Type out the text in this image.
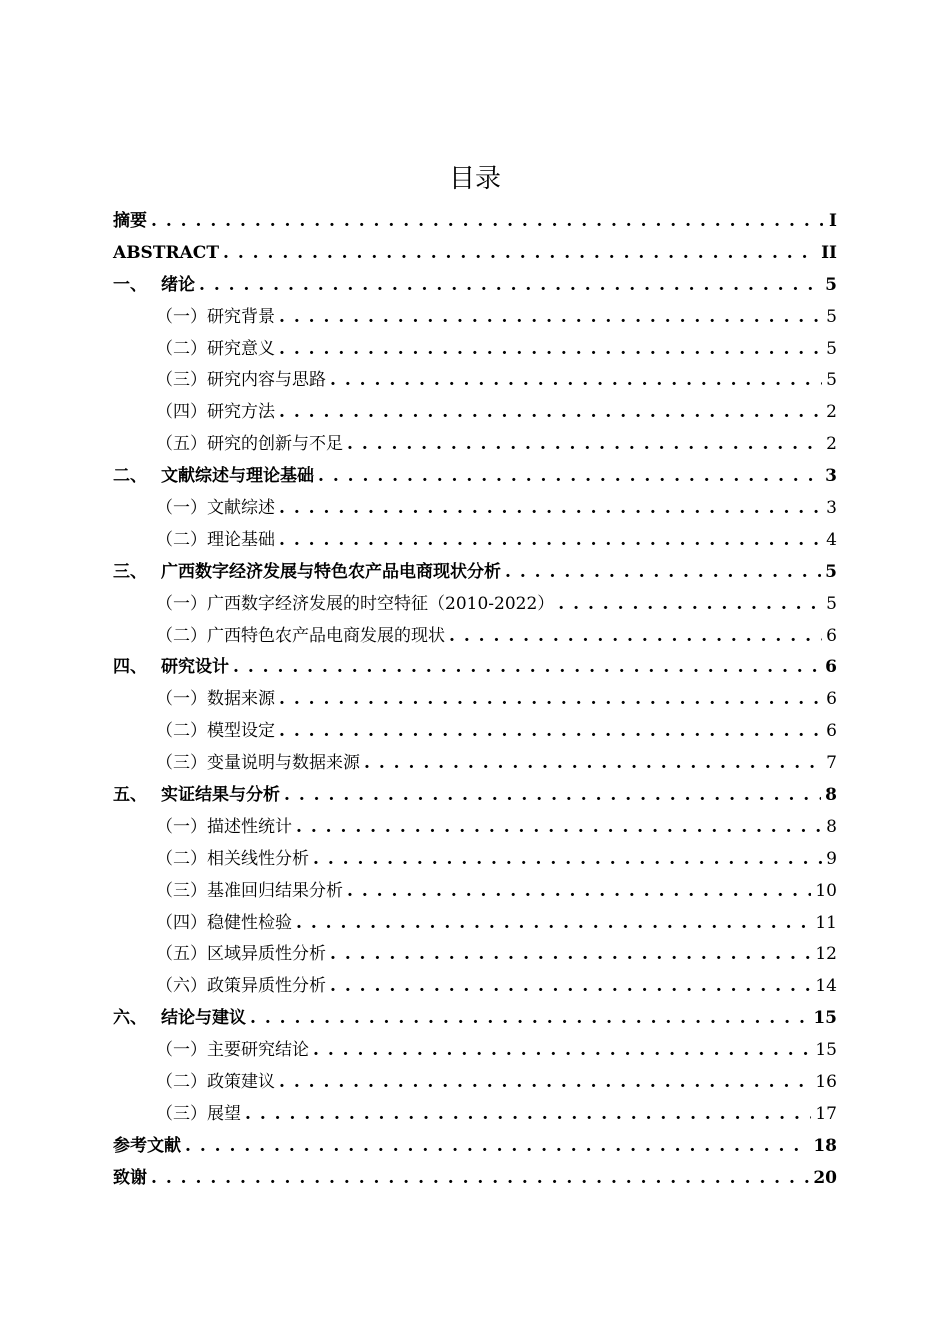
目录
摘要 . . .	I
ABSTRACT . . .	II
一、 绪论 . . .	5
（一） 研究背景 . . .	5
（二） 研究意义 . . .	5
（三） 研究内容与思路 . . .	5
（四） 研究方法 . . .	2
（五） 研究的创新与不足 . . .	2
二、 文献综述与理论基础 . . .	3
（一） 文献综述 . . .	3
（二） 理论基础 . . .	4
三、 广西数字经济发展与特色农产品电商现状分析 . . .	5
（一） 广西数字经济发展的时空特征（2010-2022） . . .	5
（二） 广西特色农产品电商发展的现状 . . .	6
四、 研究设计 . . .	6
（一） 数据来源 . . .	6
（二） 模型设定 . . .	6
（三） 变量说明与数据来源 . . .	7
五、 实证结果与分析 . . .	8
（一） 描述性统计 . . .	8
（二） 相关线性分析 . . .	9
（三） 基准回归结果分析 . . .	10
（四） 稳健性检验 . . .	11
（五） 区域异质性分析 . . .	12
（六） 政策异质性分析 . . .	14
六、 结论与建议 . . .	15
（一） 主要研究结论 . . .	15
（二） 政策建议 . . .	16
（三） 展望 . . .	17
参考文献 . . .	18
致谢 . . .	20
